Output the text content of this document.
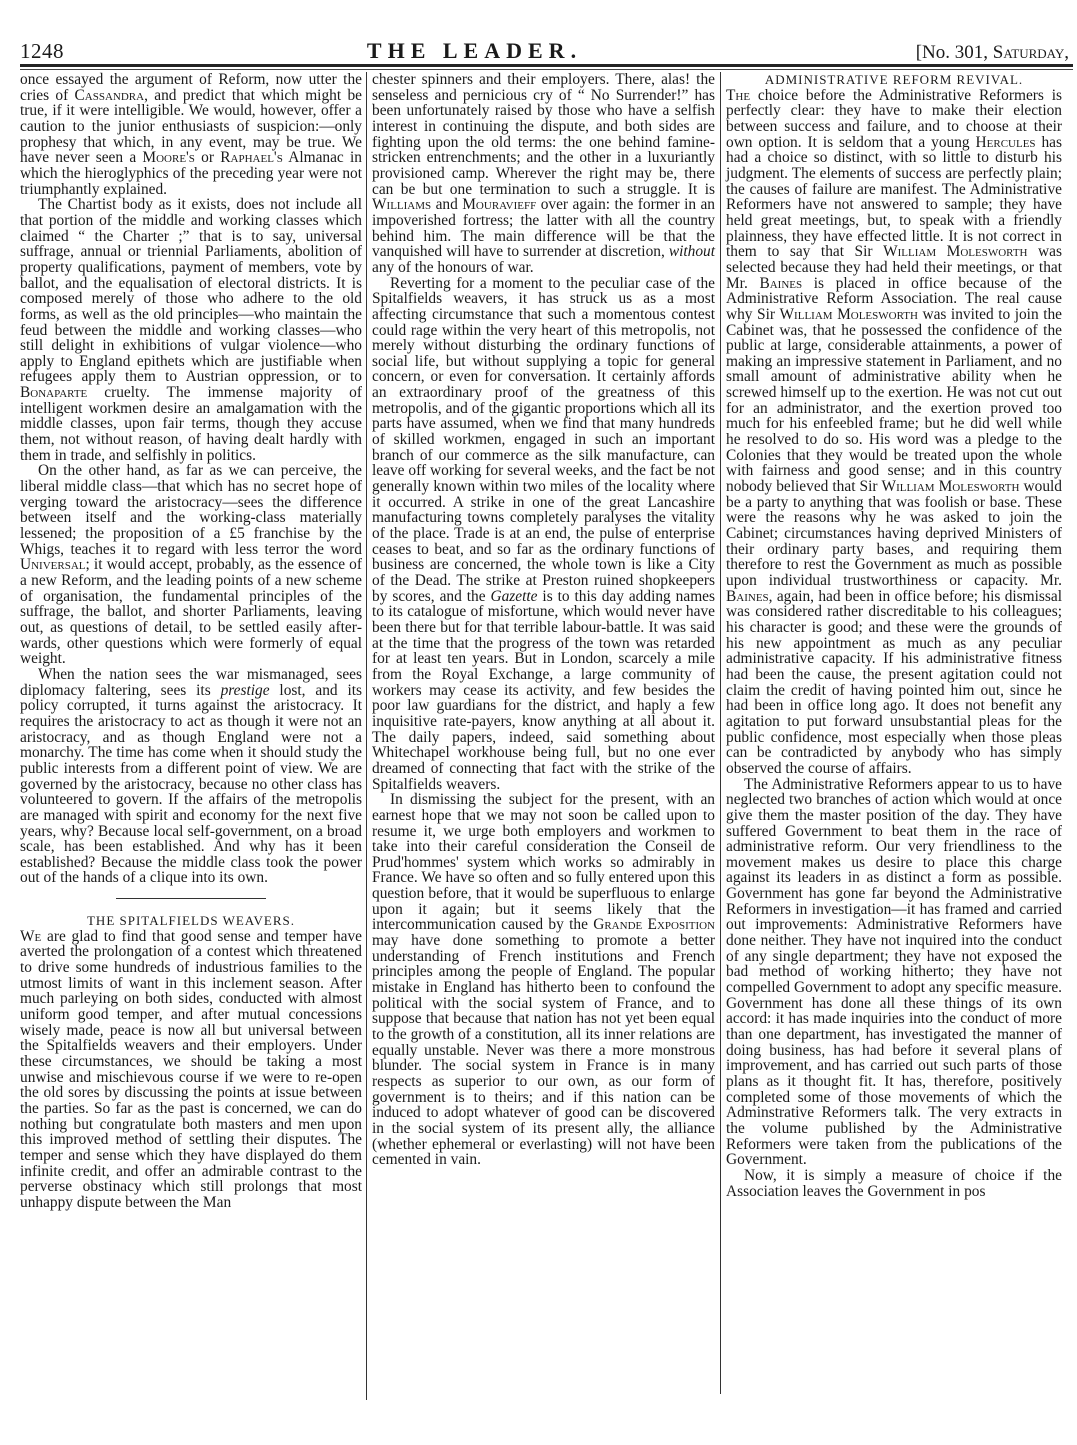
1248	THE LEADER.	[No. 301, Saturday,

once essayed the argument of Reform, now utter the cries of Cassandra, and predict that which might be true, if it were intelligible. We would, however, offer a caution to the junior enthusiasts of suspicion:—only prophesy that which, in any event, may be true. We have never seen a Moore's or Raphael's Almanac in which the hieroglyphics of the preceding year were not triumphantly explained.

The Chartist body as it exists, does not include all that portion of the middle and working classes which claimed “ the Charter ;” that is to say, universal suffrage, annual or triennial Parliaments, abolition of property qualifications, payment of members, vote by ballot, and the equalisation of electoral districts. It is composed merely of those who adhere to the old forms, as well as the old principles—who maintain the feud between the middle and working classes—who still delight in exhibitions of vulgar violence—who apply to England epithets which are justifiable when refugees apply them to Austrian oppression, or to Bonaparte cruelty. The immense majority of intelligent workmen desire an amalgamation with the middle classes, upon fair terms, though they accuse them, not without reason, of having dealt hardly with them in trade, and selfishly in politics.

On the other hand, as far as we can perceive, the liberal middle class—that which has no secret hope of verging toward the aristocracy—sees the difference between itself and the working-class materially lessened; the proposition of a £5 franchise by the Whigs, teaches it to regard with less terror the word Universal; it would accept, probably, as the essence of a new Reform, and the leading points of a new scheme of organisation, the fundamental principles of the suffrage, the ballot, and shorter Parliaments, leaving out, as questions of detail, to be settled easily afterwards, other questions which were formerly of equal weight.

When the nation sees the war mismanaged, sees diplomacy faltering, sees its prestige lost, and its policy corrupted, it turns against the aristocracy. It requires the aristocracy to act as though it were not an aristocracy, and as though England were not a monarchy. The time has come when it should study the public interests from a different point of view. We are governed by the aristocracy, because no other class has volunteered to govern. If the affairs of the metropolis are managed with spirit and economy for the next five years, why? Because local self-government, on a broad scale, has been established. And why has it been established? Because the middle class took the power out of the hands of a clique into its own.

THE SPITALFIELDS WEAVERS.

We are glad to find that good sense and temper have averted the prolongation of a contest which threatened to drive some hundreds of industrious families to the utmost limits of want in this inclement season. After much parleying on both sides, conducted with almost uniform good temper, and after mutual concessions wisely made, peace is now all but universal between the Spitalfields weavers and their employers. Under these circumstances, we should be taking a most unwise and mischievous course if we were to re-open the old sores by discussing the points at issue between the parties. So far as the past is concerned, we can do nothing but congratulate both masters and men upon this improved method of settling their disputes. The temper and sense which they have displayed do them infinite credit, and offer an admirable contrast to the perverse obstinacy which still prolongs that most unhappy dispute between the Man

chester spinners and their employers. There, alas! the senseless and pernicious cry of “ No Surrender!” has been unfortunately raised by those who have a selfish interest in continuing the dispute, and both sides are fighting upon the old terms: the one behind famine-stricken entrenchments; and the other in a luxuriantly provisioned camp. Wherever the right may be, there can be but one termination to such a struggle. It is Williams and Mouravieff over again: the former in an impoverished fortress; the latter with all the country behind him. The main difference will be that the vanquished will have to surrender at discretion, without any of the honours of war.

Reverting for a moment to the peculiar case of the Spitalfields weavers, it has struck us as a most affecting circumstance that such a momentous contest could rage within the very heart of this metropolis, not merely without disturbing the ordinary functions of social life, but without supplying a topic for general concern, or even for conversation. It certainly affords an extraordinary proof of the greatness of this metropolis, and of the gigantic proportions which all its parts have assumed, when we find that many hundreds of skilled workmen, engaged in such an important branch of our commerce as the silk manufacture, can leave off working for several weeks, and the fact be not generally known within two miles of the locality where it occurred. A strike in one of the great Lancashire manufacturing towns completely paralyses the vitality of the place. Trade is at an end, the pulse of enterprise ceases to beat, and so far as the ordinary functions of business are concerned, the whole town is like a City of the Dead. The strike at Preston ruined shopkeepers by scores, and the Gazette is to this day adding names to its catalogue of misfortune, which would never have been there but for that terrible labour-battle. It was said at the time that the progress of the town was retarded for at least ten years. But in London, scarcely a mile from the Royal Exchange, a large community of workers may cease its activity, and few besides the poor law guardians for the district, and haply a few inquisitive rate-payers, know anything at all about it. The daily papers, indeed, said something about Whitechapel workhouse being full, but no one ever dreamed of connecting that fact with the strike of the Spitalfields weavers.

In dismissing the subject for the present, with an earnest hope that we may not soon be called upon to resume it, we urge both employers and workmen to take into their careful consideration the Conseil de Prud'hommes' system which works so admirably in France. We have so often and so fully entered upon this question before, that it would be superfluous to enlarge upon it again; but it seems likely that the intercommunication caused by the Grande Exposition may have done something to promote a better understanding of French institutions and French principles among the people of England. The popular mistake in England has hitherto been to confound the political with the social system of France, and to suppose that because that nation has not yet been equal to the growth of a constitution, all its inner relations are equally unstable. Never was there a more monstrous blunder. The social system in France is in many respects as superior to our own, as our form of government is to theirs; and if this nation can be induced to adopt whatever of good can be discovered in the social system of its present ally, the alliance (whether ephemeral or everlasting) will not have been cemented in vain.

ADMINISTRATIVE REFORM REVIVAL.

The choice before the Administrative Reformers is perfectly clear: they have to make their election between success and failure, and to choose at their own option. It is seldom that a young Hercules has had a choice so distinct, with so little to disturb his judgment. The elements of success are perfectly plain; the causes of failure are manifest. The Administrative Reformers have not answered to sample; they have held great meetings, but, to speak with a friendly plainness, they have effected little. It is not correct in them to say that Sir William Molesworth was selected because they had held their meetings, or that Mr. Baines is placed in office because of the Administrative Reform Association. The real cause why Sir William Molesworth was invited to join the Cabinet was, that he possessed the confidence of the public at large, considerable attainments, a power of making an impressive statement in Parliament, and no small amount of administrative ability when he screwed himself up to the exertion. He was not cut out for an administrator, and the exertion proved too much for his enfeebled frame; but he did well while he resolved to do so. His word was a pledge to the Colonies that they would be treated upon the whole with fairness and good sense; and in this country nobody believed that Sir William Molesworth would be a party to anything that was foolish or base. These were the reasons why he was asked to join the Cabinet; circumstances having deprived Ministers of their ordinary party bases, and requiring them therefore to rest the Government as much as possible upon individual trustworthiness or capacity. Mr. Baines, again, had been in office before; his dismissal was considered rather discreditable to his colleagues; his character is good; and these were the grounds of his new appointment as much as any peculiar administrative capacity. If his administrative fitness had been the cause, the present agitation could not claim the credit of having pointed him out, since he had been in office long ago. It does not benefit any agitation to put forward unsubstantial pleas for the public confidence, most especially when those pleas can be contradicted by anybody who has simply observed the course of affairs.

The Administrative Reformers appear to us to have neglected two branches of action which would at once give them the master position of the day. They have suffered Government to beat them in the race of administrative reform. Our very friendliness to the movement makes us desire to place this charge against its leaders in as distinct a form as possible. Government has gone far beyond the Administrative Reformers in investigation—it has framed and carried out improvements: Administrative Reformers have done neither. They have not inquired into the conduct of any single department; they have not exposed the bad method of working hitherto; they have not compelled Government to adopt any specific measure. Government has done all these things of its own accord: it has made inquiries into the conduct of more than one department, has investigated the manner of doing business, has had before it several plans of improvement, and has carried out such parts of those plans as it thought fit. It has, therefore, positively completed some of those movements of which the Adminstrative Reformers talk. The very extracts in the volume published by the Administrative Reformers were taken from the publications of the Government.

Now, it is simply a measure of choice if the Association leaves the Government in pos
